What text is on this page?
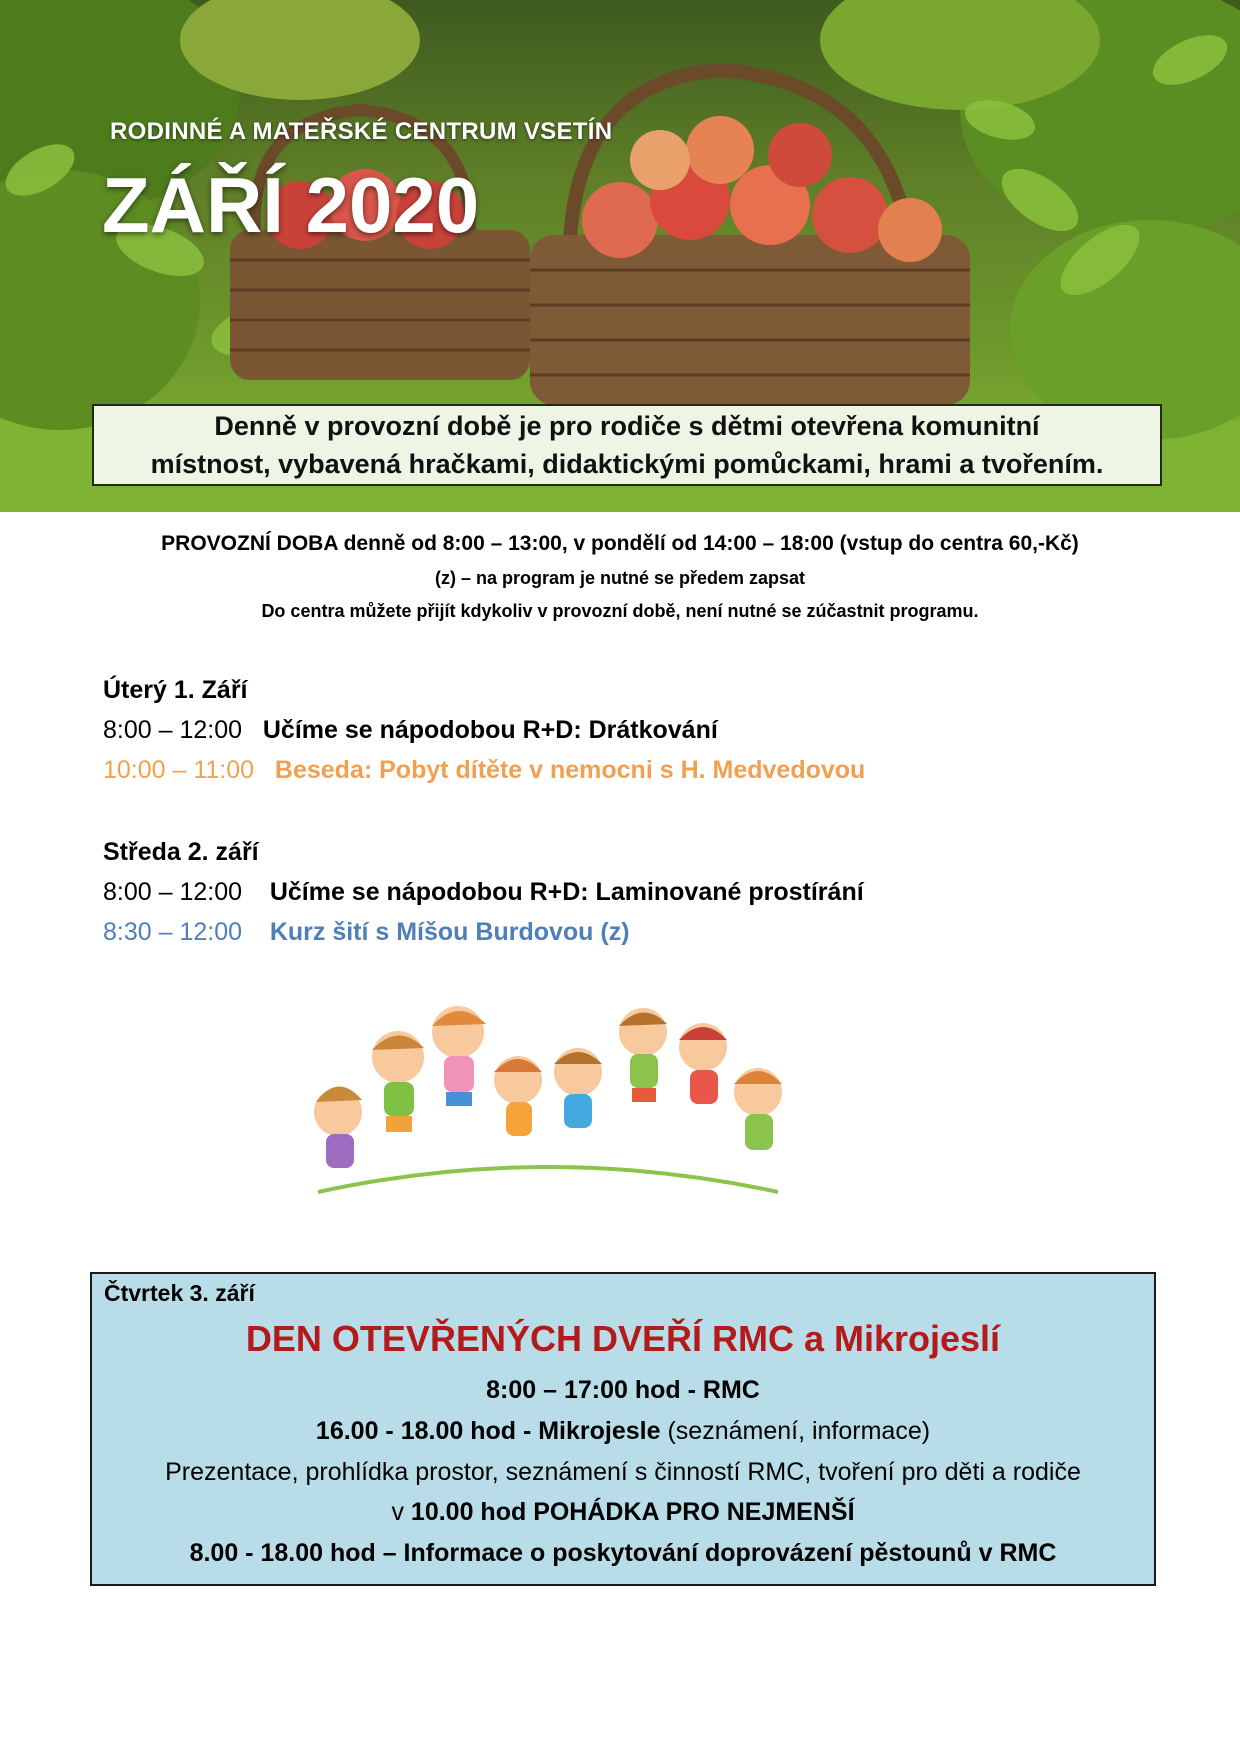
RODINNÉ A MATEŘSKÉ CENTRUM VSETÍN
ZÁŘÍ 2020
Denně v provozní době je pro rodiče s dětmi otevřena komunitní
místnost, vybavená hračkami, didaktickými pomůckami, hrami a tvořením.
PROVOZNÍ DOBA denně od 8:00 – 13:00, v pondělí od 14:00 – 18:00 (vstup do centra 60,-Kč)
(z) – na program je nutné se předem zapsat
Do centra můžete přijít kdykoliv v provozní době, není nutné se zúčastnit programu.
Úterý 1. Září
8:00 – 12:00 Učíme se nápodobou R+D: Drátkování
10:00 – 11:00 Beseda: Pobyt dítěte v nemocni s H. Medvedovou
Středa 2. září
8:00 – 12:00 Učíme se nápodobou R+D: Laminované prostírání
8:30 – 12:00 Kurz šití s Míšou Burdovou (z)
Čtvrtek 3. září
DEN OTEVŘENÝCH DVEŘÍ RMC a Mikrojeslí
8:00 – 17:00 hod - RMC
16.00 - 18.00 hod - Mikrojesle (seznámení, informace)
Prezentace, prohlídka prostor, seznámení s činností RMC, tvoření pro děti a rodiče
v 10.00 hod POHÁDKA PRO NEJMENŠÍ
8.00 - 18.00 hod – Informace o poskytování doprovázení pěstounů v RMC
